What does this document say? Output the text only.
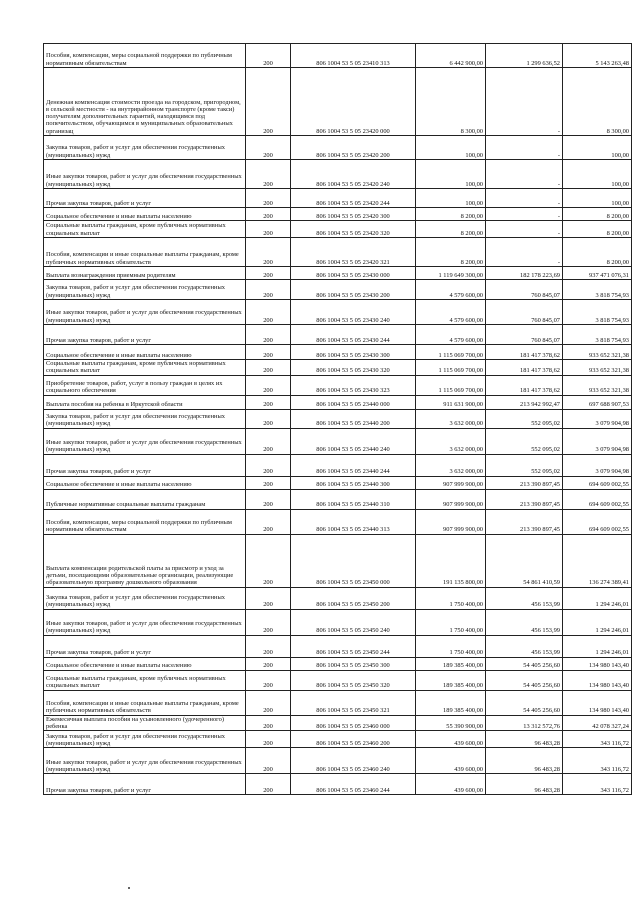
Пособия, компенсации, меры социальной поддержки по публичным нормативным обязательствам	200	806 1004 53 5 05 23410 313	6 442 900,00	1 299 636,52	5 143 263,48
Денежная компенсация стоимости проезда на городском, пригородном, в сельской местности - на внутрирайонном транспорте (кроме такси) получателям дополнительных гарантий, находящимся под попечительством, обучающимся в муниципальных образовательных организац	200	806 1004 53 5 05 23420 000	8 300,00	-	8 300,00
Закупка товаров, работ и услуг для обеспечения государственных (муниципальных) нужд	200	806 1004 53 5 05 23420 200	100,00	-	100,00
Иные закупки товаров, работ и услуг для обеспечения государственных (муниципальных) нужд	200	806 1004 53 5 05 23420 240	100,00	-	100,00
Прочая закупка товаров, работ и услуг	200	806 1004 53 5 05 23420 244	100,00	-	100,00
Социальное обеспечение и иные выплаты населению	200	806 1004 53 5 05 23420 300	8 200,00	-	8 200,00
Социальные выплаты гражданам, кроме публичных нормативных социальных выплат	200	806 1004 53 5 05 23420 320	8 200,00	-	8 200,00
Пособия, компенсации и иные социальные выплаты гражданам, кроме публичных нормативных обязательств	200	806 1004 53 5 05 23420 321	8 200,00	-	8 200,00
Выплата вознаграждения приемным родителям	200	806 1004 53 5 05 23430 000	1 119 649 300,00	182 178 223,69	937 471 076,31
Закупка товаров, работ и услуг для обеспечения государственных (муниципальных) нужд	200	806 1004 53 5 05 23430 200	4 579 600,00	760 845,07	3 818 754,93
Иные закупки товаров, работ и услуг для обеспечения государственных (муниципальных) нужд	200	806 1004 53 5 05 23430 240	4 579 600,00	760 845,07	3 818 754,93
Прочая закупка товаров, работ и услуг	200	806 1004 53 5 05 23430 244	4 579 600,00	760 845,07	3 818 754,93
Социальное обеспечение и иные выплаты населению	200	806 1004 53 5 05 23430 300	1 115 069 700,00	181 417 378,62	933 652 321,38
Социальные выплаты гражданам, кроме публичных нормативных социальных выплат	200	806 1004 53 5 05 23430 320	1 115 069 700,00	181 417 378,62	933 652 321,38
Приобретение товаров, работ, услуг в пользу граждан в целях их социального обеспечения	200	806 1004 53 5 05 23430 323	1 115 069 700,00	181 417 378,62	933 652 321,38
Выплата пособия на ребенка в Иркутской области	200	806 1004 53 5 05 23440 000	911 631 900,00	213 942 992,47	697 688 907,53
Закупка товаров, работ и услуг для обеспечения государственных (муниципальных) нужд	200	806 1004 53 5 05 23440 200	3 632 000,00	552 095,02	3 079 904,98
Иные закупки товаров, работ и услуг для обеспечения государственных (муниципальных) нужд	200	806 1004 53 5 05 23440 240	3 632 000,00	552 095,02	3 079 904,98
Прочая закупка товаров, работ и услуг	200	806 1004 53 5 05 23440 244	3 632 000,00	552 095,02	3 079 904,98
Социальное обеспечение и иные выплаты населению	200	806 1004 53 5 05 23440 300	907 999 900,00	213 390 897,45	694 609 002,55
Публичные нормативные социальные выплаты гражданам	200	806 1004 53 5 05 23440 310	907 999 900,00	213 390 897,45	694 609 002,55
Пособия, компенсации, меры социальной поддержки по публичным нормативным обязательствам	200	806 1004 53 5 05 23440 313	907 999 900,00	213 390 897,45	694 609 002,55
Выплата компенсации родительской платы за присмотр и уход за детьми, посещающими образовательные организации, реализующие образовательную программу дошкольного образования	200	806 1004 53 5 05 23450 000	191 135 800,00	54 861 410,59	136 274 389,41
Закупка товаров, работ и услуг для обеспечения государственных (муниципальных) нужд	200	806 1004 53 5 05 23450 200	1 750 400,00	456 153,99	1 294 246,01
Иные закупки товаров, работ и услуг для обеспечения государственных (муниципальных) нужд	200	806 1004 53 5 05 23450 240	1 750 400,00	456 153,99	1 294 246,01
Прочая закупка товаров, работ и услуг	200	806 1004 53 5 05 23450 244	1 750 400,00	456 153,99	1 294 246,01
Социальное обеспечение и иные выплаты населению	200	806 1004 53 5 05 23450 300	189 385 400,00	54 405 256,60	134 980 143,40
Социальные выплаты гражданам, кроме публичных нормативных социальных выплат	200	806 1004 53 5 05 23450 320	189 385 400,00	54 405 256,60	134 980 143,40
Пособия, компенсации и иные социальные выплаты гражданам, кроме публичных нормативных обязательств	200	806 1004 53 5 05 23450 321	189 385 400,00	54 405 256,60	134 980 143,40
Ежемесячная выплата пособия на усыновленного (удочеренного) ребенка	200	806 1004 53 5 05 23460 000	55 390 900,00	13 312 572,76	42 078 327,24
Закупка товаров, работ и услуг для обеспечения государственных (муниципальных) нужд	200	806 1004 53 5 05 23460 200	439 600,00	96 483,28	343 116,72
Иные закупки товаров, работ и услуг для обеспечения государственных (муниципальных) нужд	200	806 1004 53 5 05 23460 240	439 600,00	96 483,28	343 116,72
Прочая закупка товаров, работ и услуг	200	806 1004 53 5 05 23460 244	439 600,00	96 483,28	343 116,72
